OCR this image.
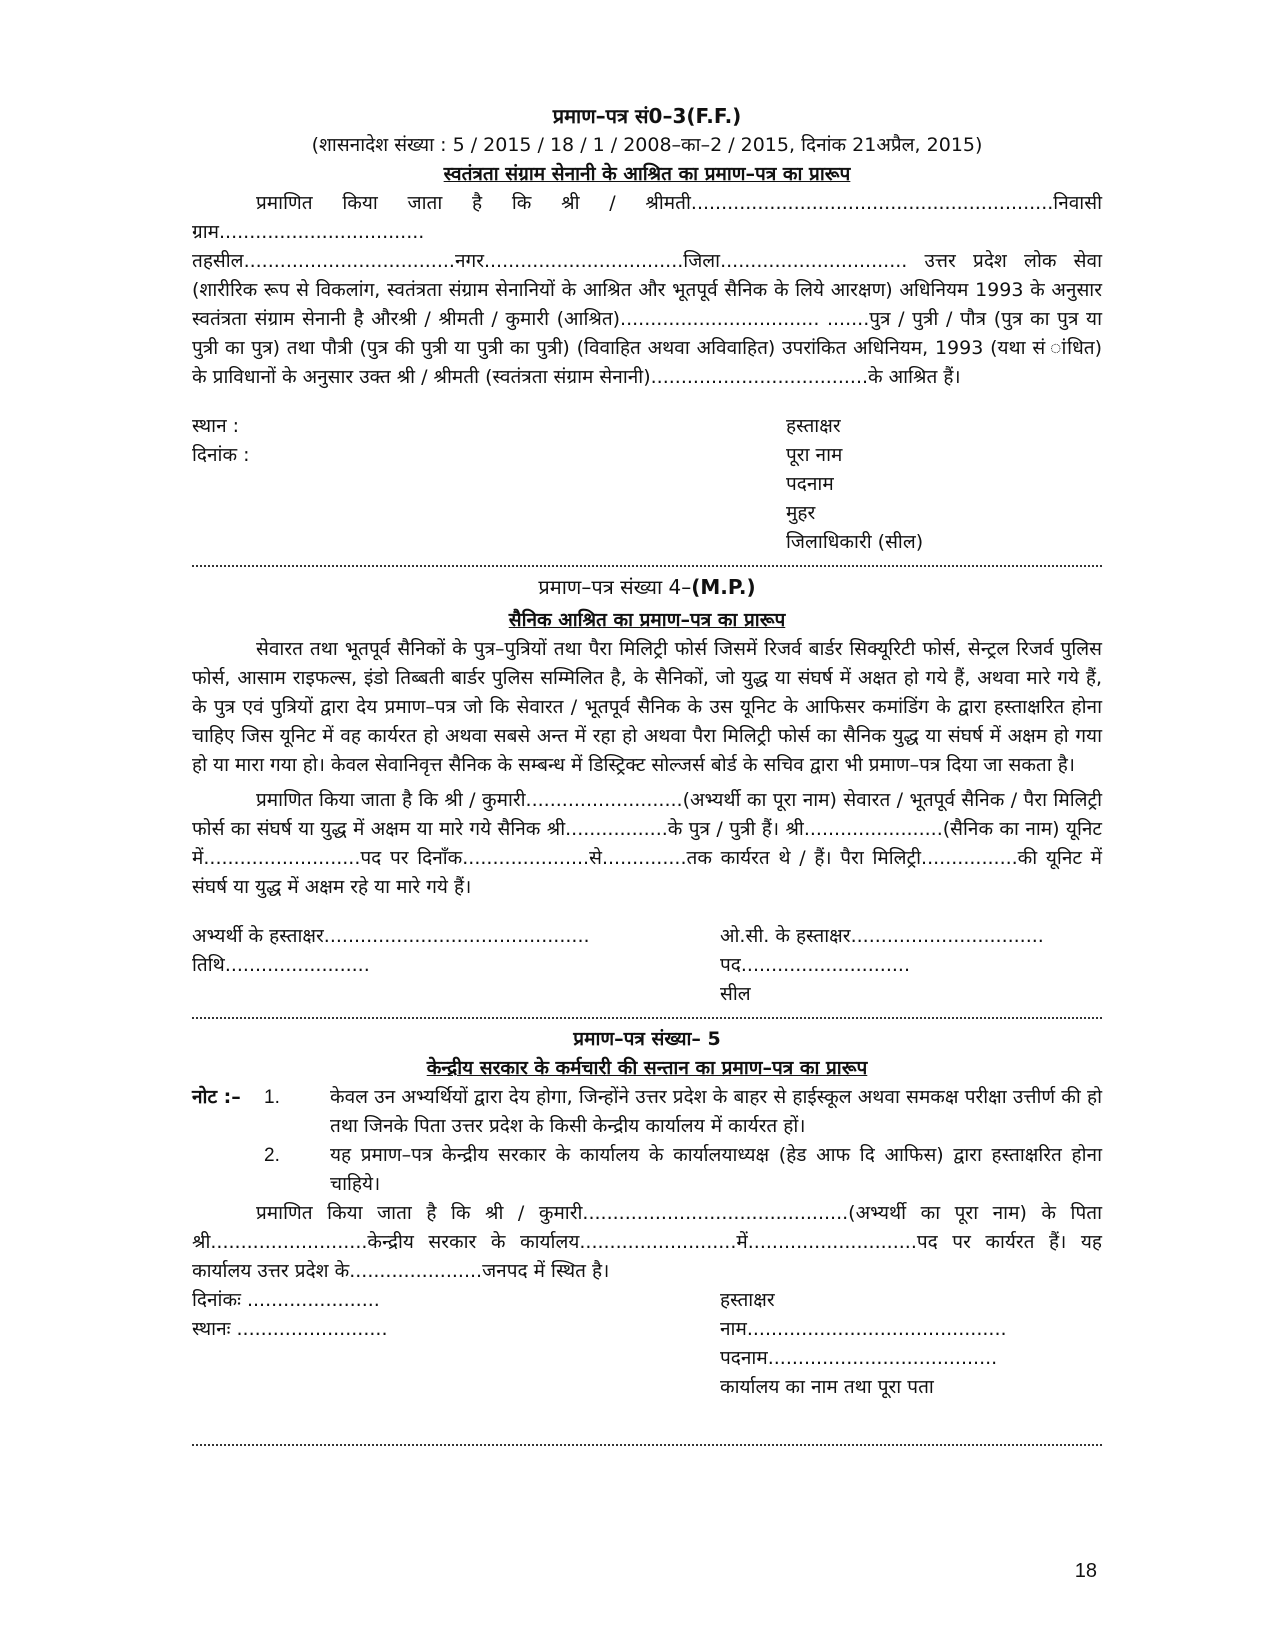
प्रमाण–पत्र सं0–3(F.F.)
(शासनादेश संख्या : 5 / 2015 / 18 / 1 / 2008–का–2 / 2015, दिनांक 21अप्रैल, 2015)
स्वतंत्रता संग्राम सेनानी के आश्रित का प्रमाण–पत्र का प्रारूप
प्रमाणित किया जाता है कि श्री / श्रीमती............................................................निवासी ग्राम.................................. तहसील...................................नगर.................................जिला............................... उत्तर प्रदेश लोक सेवा (शारीरिक रूप से विकलांग, स्वतंत्रता संग्राम सेनानियों के आश्रित और भूतपूर्व सैनिक के लिये आरक्षण) अधिनियम 1993 के अनुसार स्वतंत्रता संग्राम सेनानी है औरश्री / श्रीमती / कुमारी (आश्रित)................................. .......पुत्र / पुत्री / पौत्र (पुत्र का पुत्र या पुत्री का पुत्र) तथा पौत्री (पुत्र की पुत्री या पुत्री का पुत्री) (विवाहित अथवा अविवाहित) उपरांकित अधिनियम, 1993 (यथा सं ांधित) के प्राविधानों के अनुसार उक्त श्री / श्रीमती (स्वतंत्रता संग्राम सेनानी)....................................के आश्रित हैं।
स्थान :	हस्ताक्षर
दिनांक :	पूरा नाम
पदनाम
मुहर
जिलाधिकारी (सील)
प्रमाण–पत्र संख्या 4–(M.P.)
सैनिक आश्रित का प्रमाण–पत्र का प्रारूप
सेवारत तथा भूतपूर्व सैनिकों के पुत्र–पुत्रियों तथा पैरा मिलिट्री फोर्स जिसमें रिजर्व बार्डर सिक्यूरिटी फोर्स, सेन्ट्रल रिजर्व पुलिस फोर्स, आसाम राइफल्स, इंडो तिब्बती बार्डर पुलिस सम्मिलित है, के सैनिकों, जो युद्ध या संघर्ष में अक्षत हो गये हैं, अथवा मारे गये हैं, के पुत्र एवं पुत्रियों द्वारा देय प्रमाण–पत्र जो कि सेवारत / भूतपूर्व सैनिक के उस यूनिट के आफिसर कमांडिंग के द्वारा हस्ताक्षरित होना चाहिए जिस यूनिट में वह कार्यरत हो अथवा सबसे अन्त में रहा हो अथवा पैरा मिलिट्री फोर्स का सैनिक युद्ध या संघर्ष में अक्षम हो गया हो या मारा गया हो। केवल सेवानिवृत्त सैनिक के सम्बन्ध में डिस्ट्रिक्ट सोल्जर्स बोर्ड के सचिव द्वारा भी प्रमाण–पत्र दिया जा सकता है।
प्रमाणित किया जाता है कि श्री / कुमारी..........................(अभ्यर्थी का पूरा नाम) सेवारत / भूतपूर्व सैनिक / पैरा मिलिट्री फोर्स का संघर्ष या युद्ध में अक्षम या मारे गये सैनिक श्री.................के पुत्र / पुत्री हैं। श्री.......................(सैनिक का नाम) यूनिट में..........................पद पर दिनाँक.....................से..............तक कार्यरत थे / हैं। पैरा मिलिट्री................की यूनिट में संघर्ष या युद्ध में अक्षम रहे या मारे गये हैं।
अभ्यर्थी के हस्ताक्षर............................................	ओ.सी. के हस्ताक्षर................................
तिथि........................	पद............................
सील
प्रमाण–पत्र संख्या– 5
केन्द्रीय सरकार के कर्मचारी की सन्तान का प्रमाण–पत्र का प्रारूप
नोट :– 1.	केवल उन अभ्यर्थियों द्वारा देय होगा, जिन्होंने उत्तर प्रदेश के बाहर से हाईस्कूल अथवा समकक्ष परीक्षा उत्तीर्ण की हो तथा जिनके पिता उत्तर प्रदेश के किसी केन्द्रीय कार्यालय में कार्यरत हों।
2.	यह प्रमाण–पत्र केन्द्रीय सरकार के कार्यालय के कार्यालयाध्यक्ष (हेड आफ दि आफिस) द्वारा हस्ताक्षरित होना चाहिये।
प्रमाणित किया जाता है कि श्री / कुमारी............................................(अभ्यर्थी का पूरा नाम) के पिता श्री..........................केन्द्रीय सरकार के कार्यालय..........................में............................पद पर कार्यरत हैं। यह कार्यालय उत्तर प्रदेश के......................जनपद में स्थित है।
दिनांकः ......................	हस्ताक्षर
स्थानः .........................	नाम...........................................
पदनाम......................................
कार्यालय का नाम तथा पूरा पता
18
